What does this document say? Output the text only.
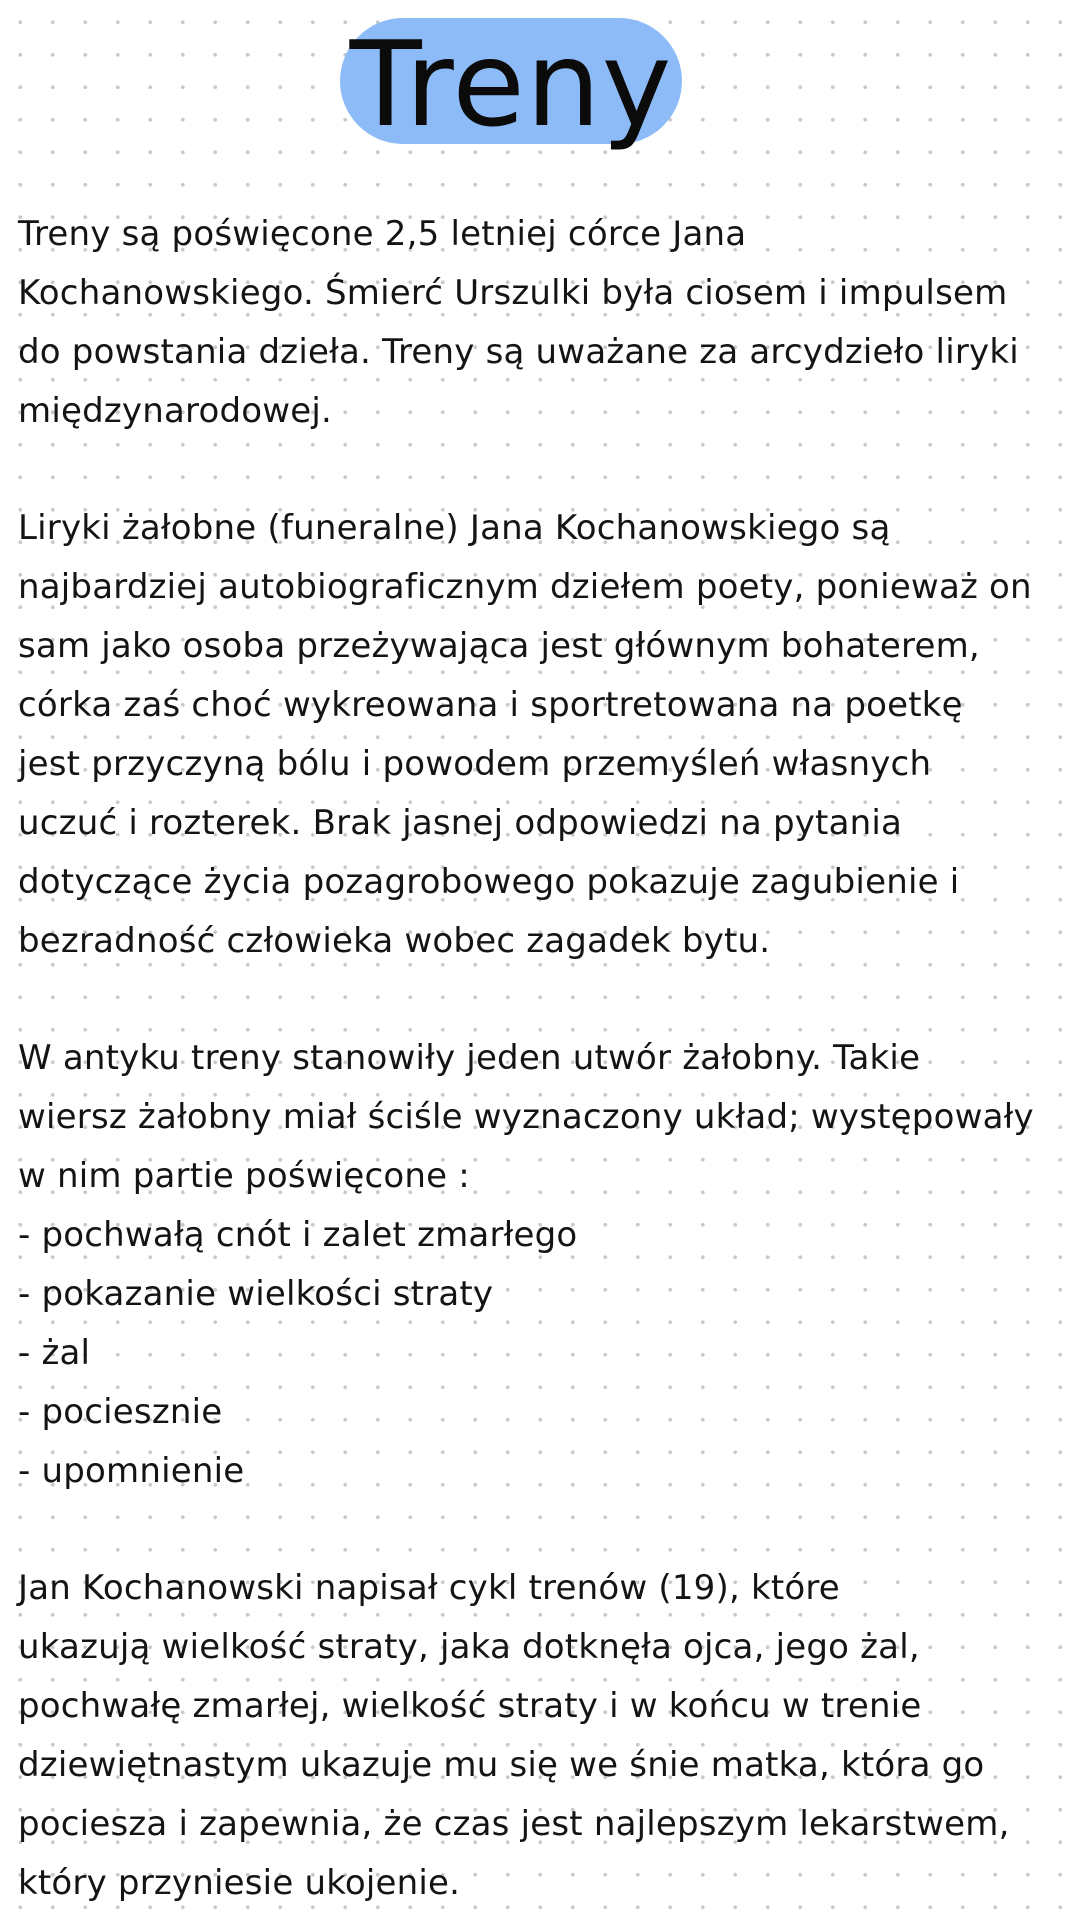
Treny
Treny są poświęcone 2,5 letniej córce Jana
Kochanowskiego. Śmierć Urszulki była ciosem i impulsem
do powstania dzieła. Treny są uważane za arcydzieło liryki
międzynarodowej.
Liryki żałobne (funeralne) Jana Kochanowskiego są
najbardziej autobiograficznym dziełem poety, ponieważ on
sam jako osoba przeżywająca jest głównym bohaterem,
córka zaś choć wykreowana i sportretowana na poetkę
jest przyczyną bólu i powodem przemyśleń własnych
uczuć i rozterek. Brak jasnej odpowiedzi na pytania
dotyczące życia pozagrobowego pokazuje zagubienie i
bezradność człowieka wobec zagadek bytu.
W antyku treny stanowiły jeden utwór żałobny. Takie
wiersz żałobny miał ściśle wyznaczony układ; występowały
w nim partie poświęcone :
- pochwałą cnót i zalet zmarłego
- pokazanie wielkości straty
- żal
- pociesznie
- upomnienie
Jan Kochanowski napisał cykl trenów (19), które
ukazują wielkość straty, jaka dotknęła ojca, jego żal,
pochwałę zmarłej, wielkość straty i w końcu w trenie
dziewiętnastym ukazuje mu się we śnie matka, która go
pociesza i zapewnia, że czas jest najlepszym lekarstwem,
który przyniesie ukojenie.
